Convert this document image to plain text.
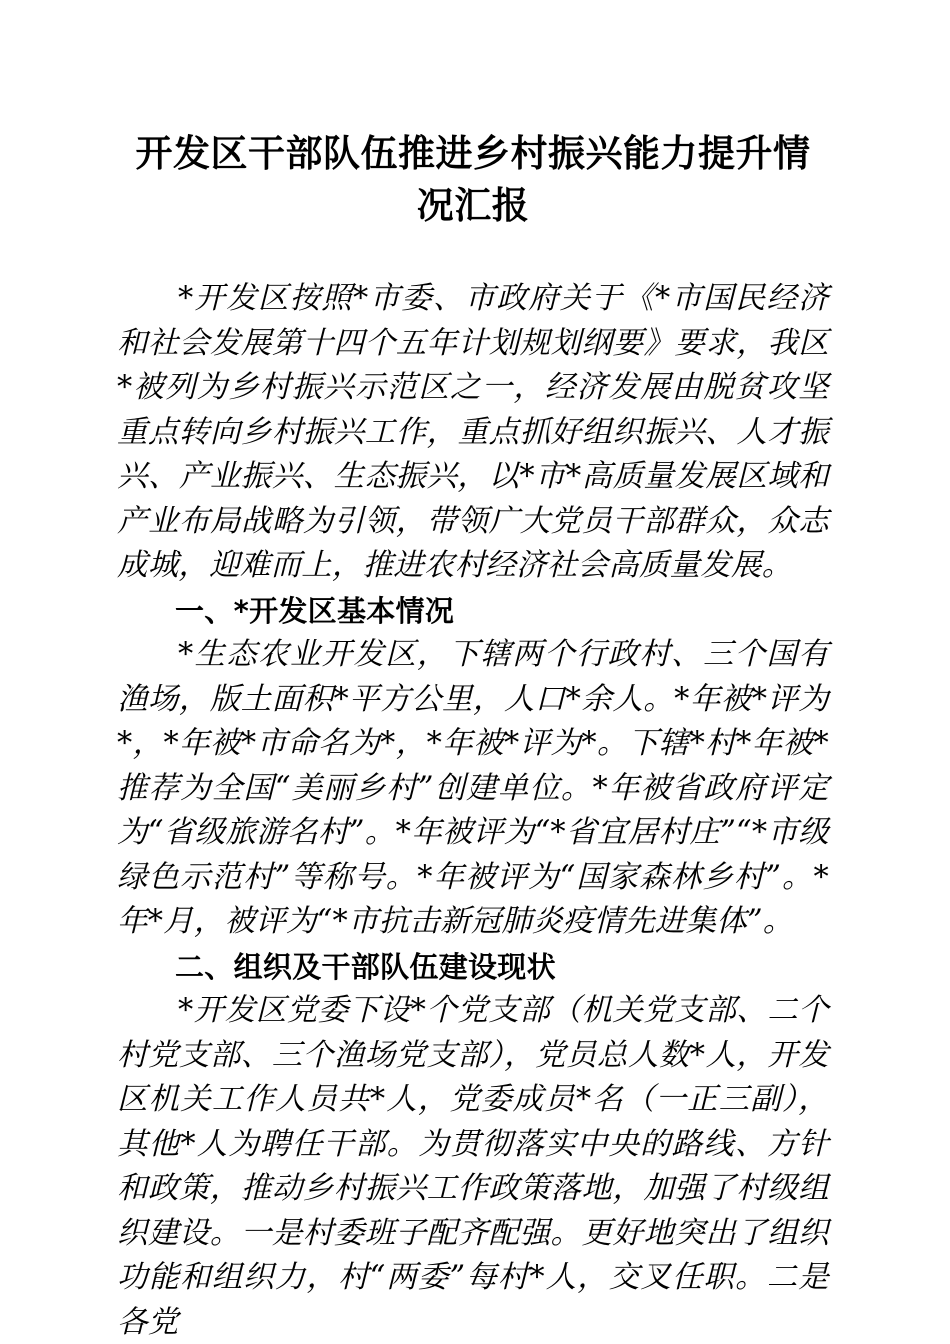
开发区干部队伍推进乡村振兴能力提升情况汇报

*开发区按照*市委、市政府关于《*市国民经济和社会发展第十四个五年计划规划纲要》要求，我区*被列为乡村振兴示范区之一，经济发展由脱贫攻坚重点转向乡村振兴工作，重点抓好组织振兴、人才振兴、产业振兴、生态振兴，以*市*高质量发展区域和产业布局战略为引领，带领广大党员干部群众，众志成城，迎难而上，推进农村经济社会高质量发展。

一、*开发区基本情况

*生态农业开发区，下辖两个行政村、三个国有渔场，版土面积*平方公里，人口*余人。*年被*评为*，*年被*市命名为*，*年被*评为*。下辖*村*年被*推荐为全国“美丽乡村”创建单位。*年被省政府评定为“省级旅游名村”。*年被评为“*省宜居村庄”“*市级绿色示范村”等称号。*年被评为“国家森林乡村”。*年*月，被评为“*市抗击新冠肺炎疫情先进集体”。

二、组织及干部队伍建设现状

*开发区党委下设*个党支部（机关党支部、二个村党支部、三个渔场党支部），党员总人数*人，开发区机关工作人员共*人，党委成员*名（一正三副），其他*人为聘任干部。为贯彻落实中央的路线、方针和政策，推动乡村振兴工作政策落地，加强了村级组织建设。一是村委班子配齐配强。更好地突出了组织功能和组织力，村“两委”每村*人，交叉任职。二是各党
